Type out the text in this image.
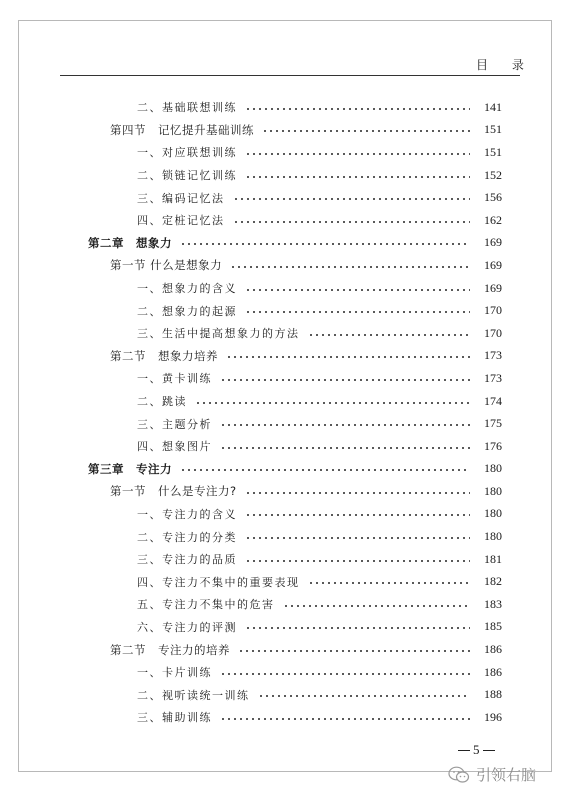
目 录
二、基础联想训练	141
第四节　记忆提升基础训练	151
一、对应联想训练	151
二、锁链记忆训练	152
三、编码记忆法	156
四、定桩记忆法	162
第二章　想象力	169
第一节 什么是想象力	169
一、想象力的含义	169
二、想象力的起源	170
三、生活中提高想象力的方法	170
第二节　想象力培养	173
一、黄卡训练	173
二、跳读	174
三、主题分析	175
四、想象图片	176
第三章　专注力	180
第一节　什么是专注力?	180
一、专注力的含义	180
二、专注力的分类	180
三、专注力的品质	181
四、专注力不集中的重要表现	182
五、专注力不集中的危害	183
六、专注力的评测	185
第二节　专注力的培养	186
一、卡片训练	186
二、视听读统一训练	188
三、辅助训练	196
5
引领右脑
